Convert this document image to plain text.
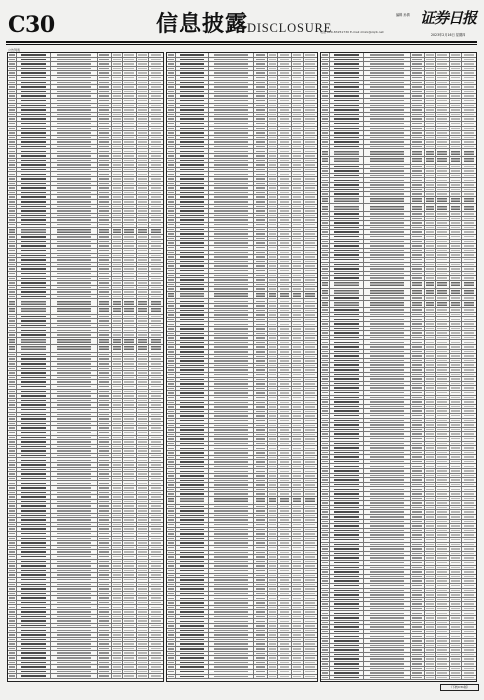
C30	信息披露
DISCLOSURE
编辑 孙倩 证券日报
电话 010-83251730 E-mail zmzx@zqrb.net
2023年2月16日 星期四
公告列表
（下转C31版）
